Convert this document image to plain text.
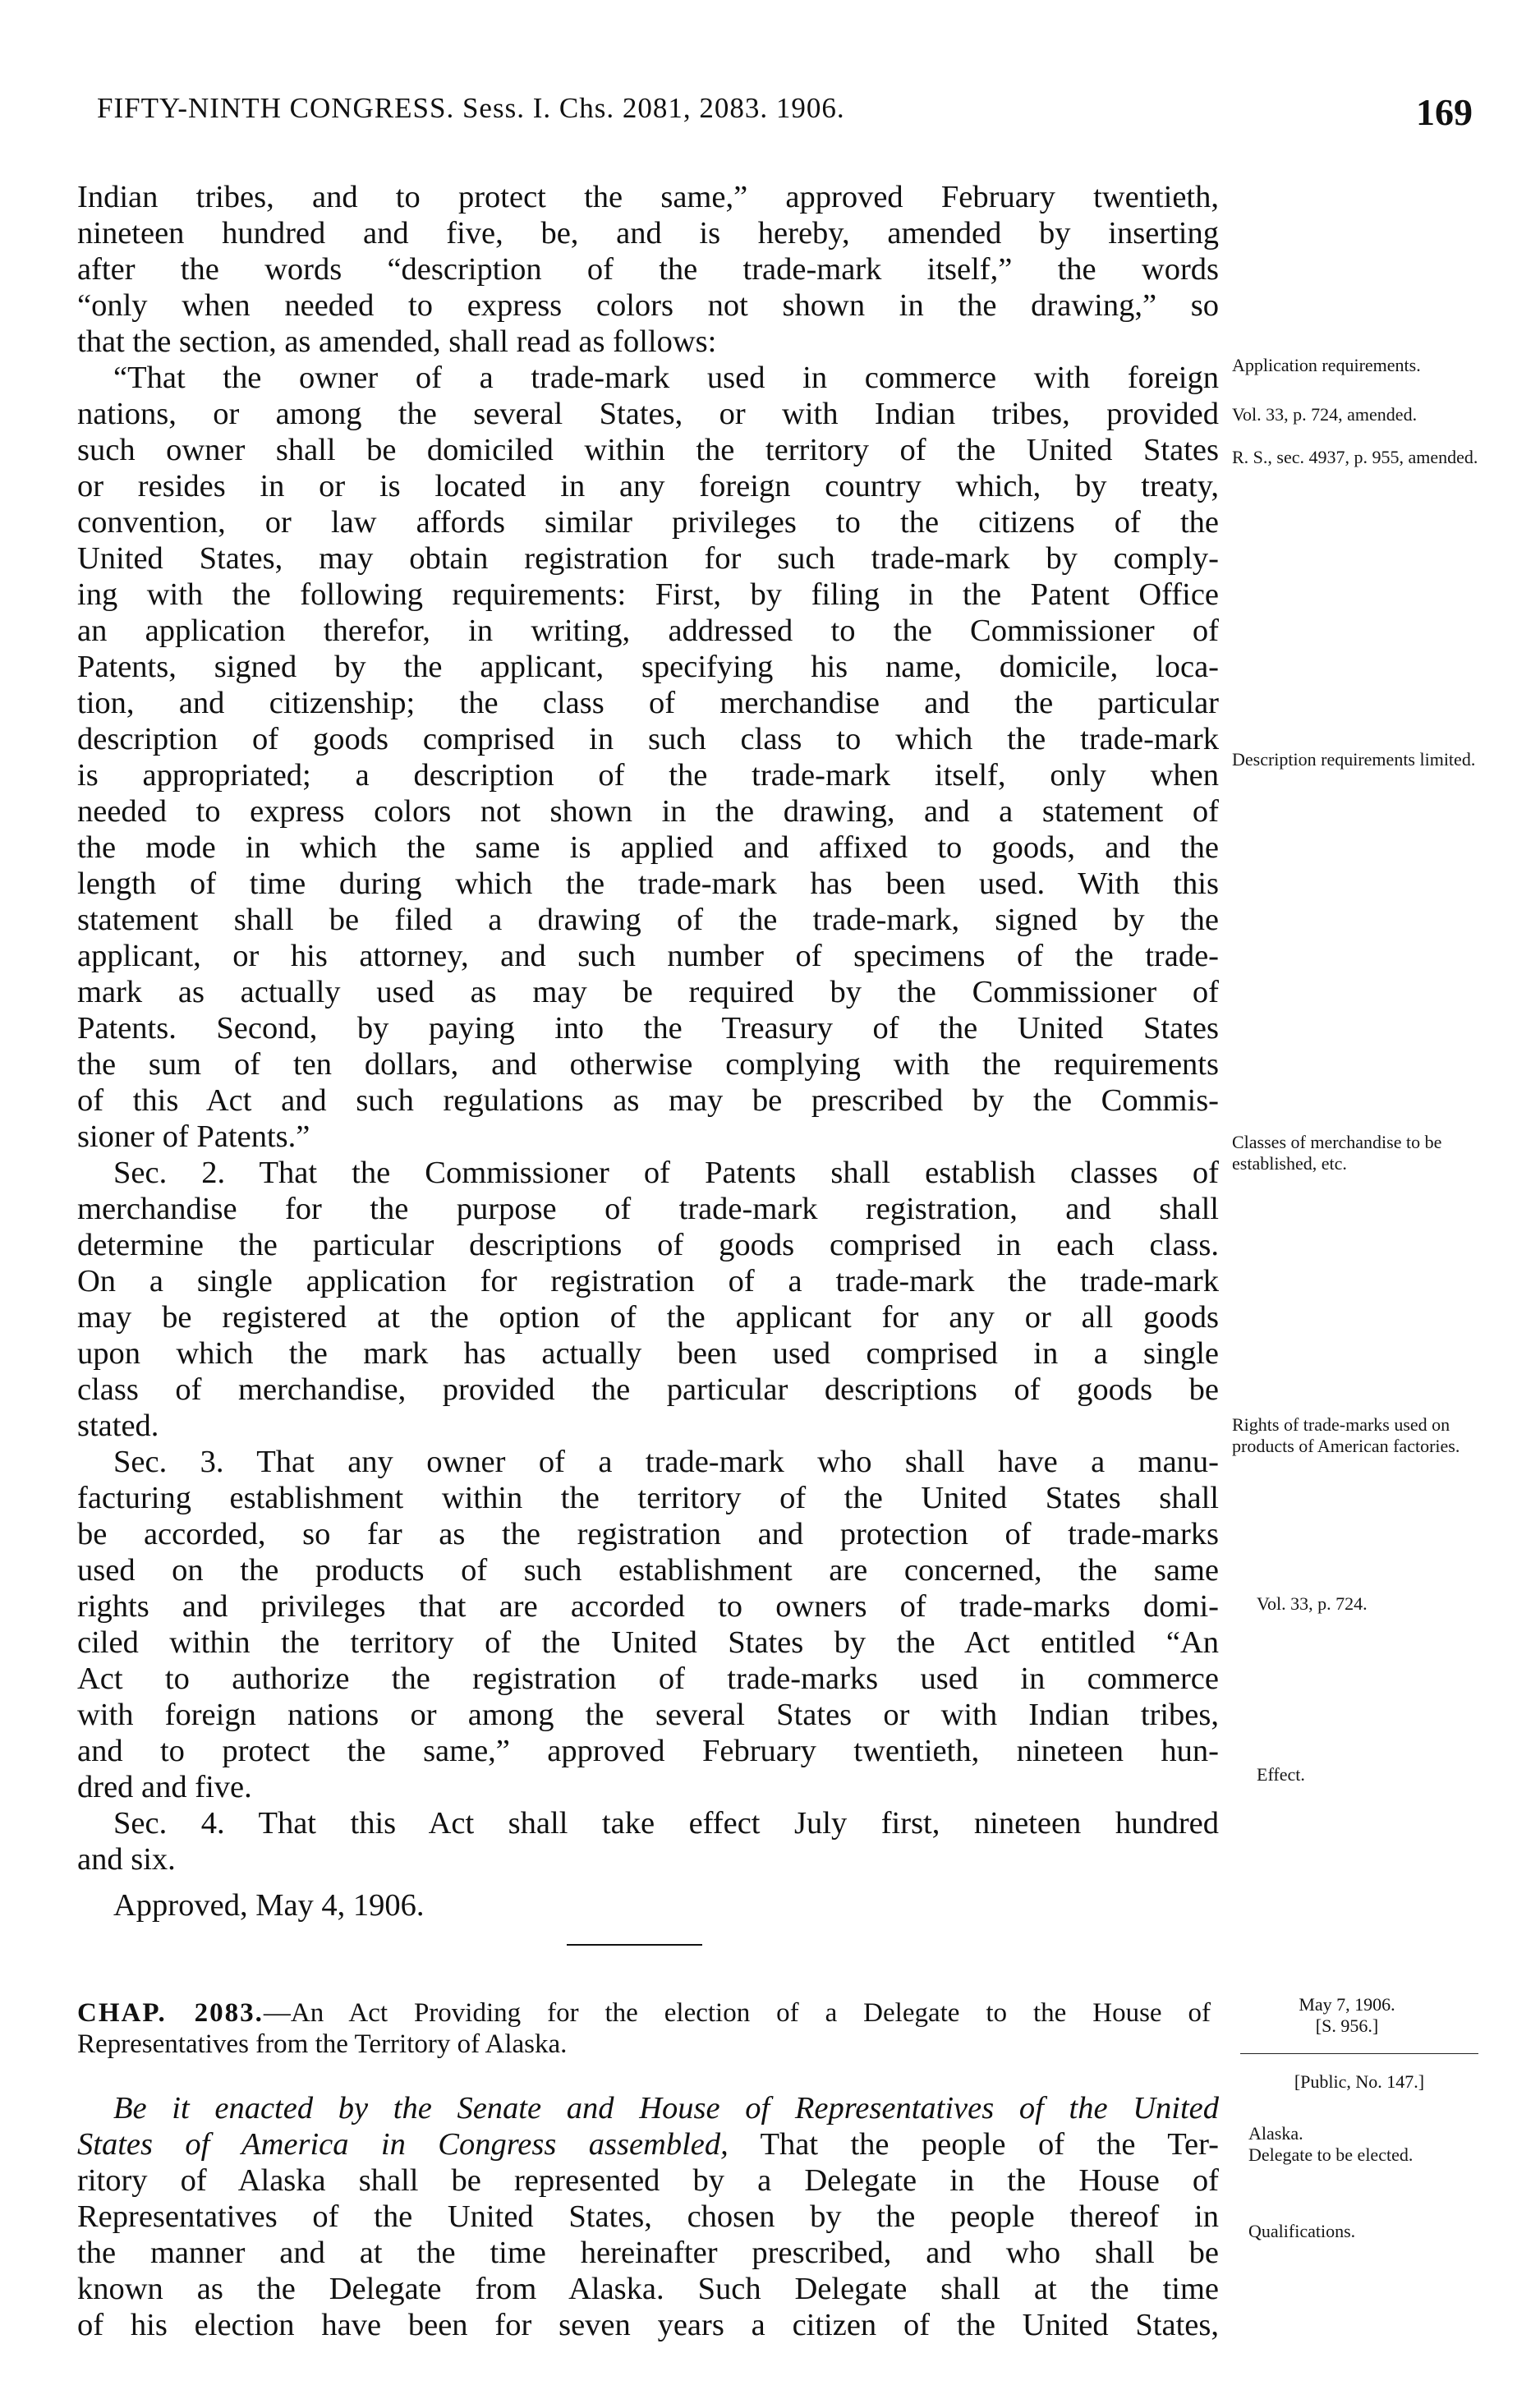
FIFTY-NINTH CONGRESS. Sess. I. Chs. 2081, 2083. 1906.	169
Indian tribes, and to protect the same,” approved February twentieth,
nineteen hundred and five, be, and is hereby, amended by inserting
after the words “description of the trade-mark itself,” the words
“only when needed to express colors not shown in the drawing,” so
that the section, as amended, shall read as follows:
“That the owner of a trade-mark used in commerce with foreign
nations, or among the several States, or with Indian tribes, provided
such owner shall be domiciled within the territory of the United States
or resides in or is located in any foreign country which, by treaty,
convention, or law affords similar privileges to the citizens of the
United States, may obtain registration for such trade-mark by comply-
ing with the following requirements: First, by filing in the Patent Office
an application therefor, in writing, addressed to the Commissioner of
Patents, signed by the applicant, specifying his name, domicile, loca-
tion, and citizenship; the class of merchandise and the particular
description of goods comprised in such class to which the trade-mark
is appropriated; a description of the trade-mark itself, only when
needed to express colors not shown in the drawing, and a statement of
the mode in which the same is applied and affixed to goods, and the
length of time during which the trade-mark has been used. With this
statement shall be filed a drawing of the trade-mark, signed by the
applicant, or his attorney, and such number of specimens of the trade-
mark as actually used as may be required by the Commissioner of
Patents. Second, by paying into the Treasury of the United States
the sum of ten dollars, and otherwise complying with the requirements
of this Act and such regulations as may be prescribed by the Commis-
sioner of Patents.”
Sec. 2. That the Commissioner of Patents shall establish classes of
merchandise for the purpose of trade-mark registration, and shall
determine the particular descriptions of goods comprised in each class.
On a single application for registration of a trade-mark the trade-mark
may be registered at the option of the applicant for any or all goods
upon which the mark has actually been used comprised in a single
class of merchandise, provided the particular descriptions of goods be
stated.
Sec. 3. That any owner of a trade-mark who shall have a manu-
facturing establishment within the territory of the United States shall
be accorded, so far as the registration and protection of trade-marks
used on the products of such establishment are concerned, the same
rights and privileges that are accorded to owners of trade-marks domi-
ciled within the territory of the United States by the Act entitled “An
Act to authorize the registration of trade-marks used in commerce
with foreign nations or among the several States or with Indian tribes,
and to protect the same,” approved February twentieth, nineteen hun-
dred and five.
Sec. 4. That this Act shall take effect July first, nineteen hundred
and six.
Approved, May 4, 1906.
Application requirements.
Vol. 33, p. 724, amended.
R. S., sec. 4937, p. 955, amended.
Description requirements limited.
Classes of merchandise to be established, etc.
Rights of trade-marks used on products of American factories.
Vol. 33, p. 724.
Effect.
Alaska.
Delegate to be elected.
Qualifications.
CHAP. 2083.—An Act Providing for the election of a Delegate to the House of
Representatives from the Territory of Alaska.
May 7, 1906.
[S. 956.]
[Public, No. 147.]
Be it enacted by the Senate and House of Representatives of the United
States of America in Congress assembled, That the people of the Ter-
ritory of Alaska shall be represented by a Delegate in the House of
Representatives of the United States, chosen by the people thereof in
the manner and at the time hereinafter prescribed, and who shall be
known as the Delegate from Alaska. Such Delegate shall at the time
of his election have been for seven years a citizen of the United States,
